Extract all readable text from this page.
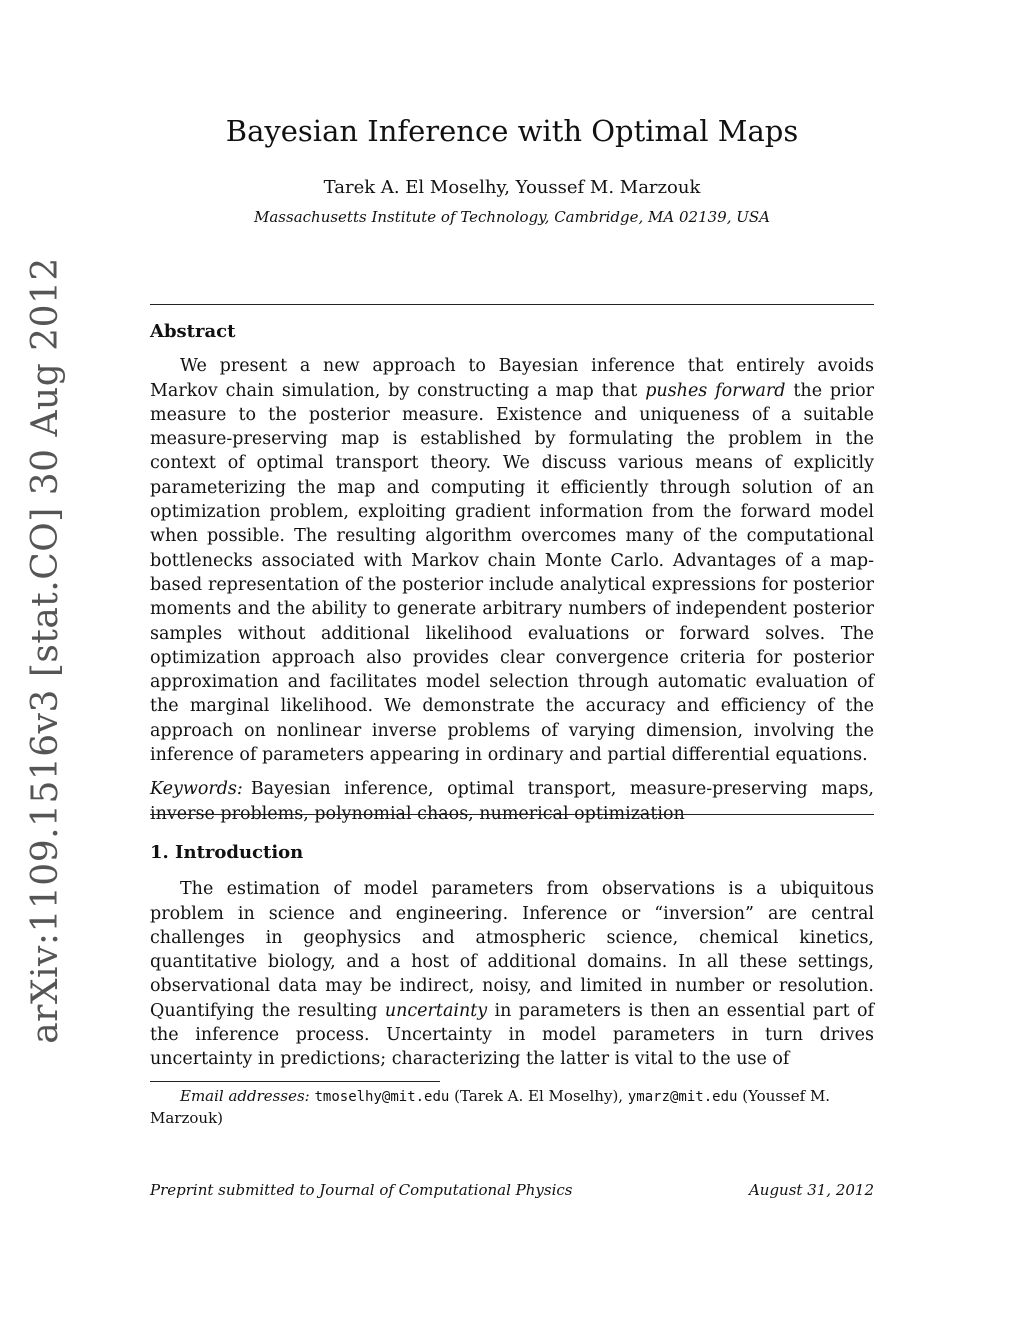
arXiv:1109.1516v3 [stat.CO] 30 Aug 2012
Bayesian Inference with Optimal Maps
Tarek A. El Moselhy, Youssef M. Marzouk
Massachusetts Institute of Technology, Cambridge, MA 02139, USA

Abstract

We present a new approach to Bayesian inference that entirely avoids Markov chain simulation, by constructing a map that pushes forward the prior measure to the posterior measure. Existence and uniqueness of a suitable measure-preserving map is established by formulating the problem in the context of optimal transport theory. We discuss various means of explicitly parameterizing the map and computing it efficiently through solution of an optimization problem, exploiting gradient information from the forward model when possible. The resulting algorithm overcomes many of the computational bottlenecks associated with Markov chain Monte Carlo. Advantages of a map-based representation of the posterior include analytical expressions for posterior moments and the ability to generate arbitrary numbers of independent posterior samples without additional likelihood evaluations or forward solves. The optimization approach also provides clear convergence criteria for posterior approximation and facilitates model selection through automatic evaluation of the marginal likelihood. We demonstrate the accuracy and efficiency of the approach on nonlinear inverse problems of varying dimension, involving the inference of parameters appearing in ordinary and partial differential equations.

Keywords: Bayesian inference, optimal transport, measure-preserving maps, inverse problems, polynomial chaos, numerical optimization

1. Introduction

The estimation of model parameters from observations is a ubiquitous problem in science and engineering. Inference or “inversion” are central challenges in geophysics and atmospheric science, chemical kinetics, quantitative biology, and a host of additional domains. In all these settings, observational data may be indirect, noisy, and limited in number or resolution. Quantifying the resulting uncertainty in parameters is then an essential part of the inference process. Uncertainty in model parameters in turn drives uncertainty in predictions; characterizing the latter is vital to the use of

Email addresses: tmoselhy@mit.edu (Tarek A. El Moselhy), ymarz@mit.edu (Youssef M. Marzouk)
Preprint submitted to Journal of Computational Physics	August 31, 2012
